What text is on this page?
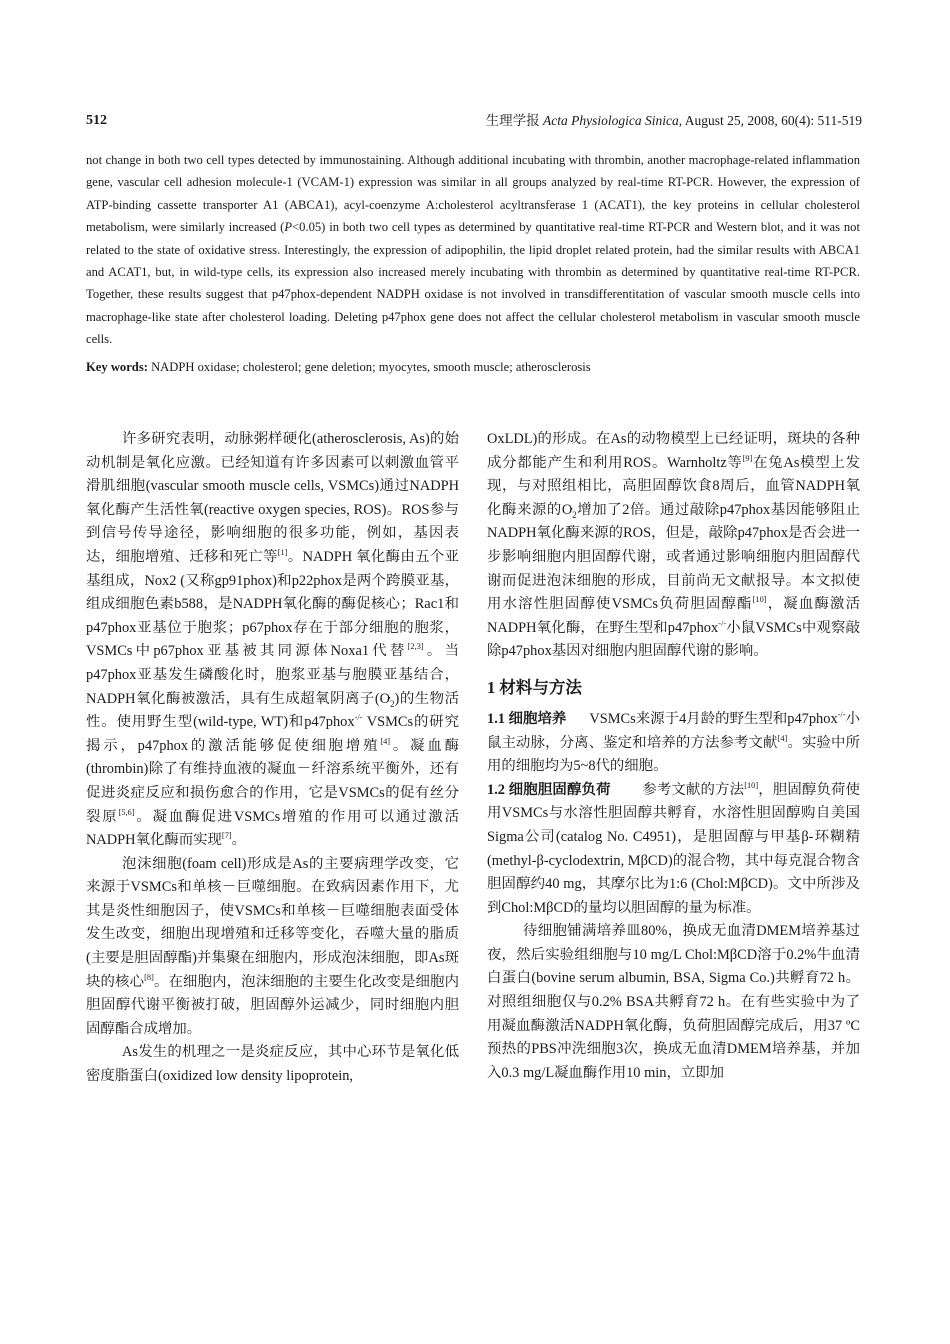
512	生理学报 Acta Physiologica Sinica, August 25, 2008, 60(4): 511-519

not change in both two cell types detected by immunostaining. Although additional incubating with thrombin, another macrophage-related inflammation gene, vascular cell adhesion molecule-1 (VCAM-1) expression was similar in all groups analyzed by real-time RT-PCR. However, the expression of ATP-binding cassette transporter A1 (ABCA1), acyl-coenzyme A:cholesterol acyltransferase 1 (ACAT1), the key proteins in cellular cholesterol metabolism, were similarly increased (P<0.05) in both two cell types as determined by quantitative real-time RT-PCR and Western blot, and it was not related to the state of oxidative stress. Interestingly, the expression of adipophilin, the lipid droplet related protein, had the similar results with ABCA1 and ACAT1, but, in wild-type cells, its expression also increased merely incubating with thrombin as determined by quantitative real-time RT-PCR. Together, these results suggest that p47phox-dependent NADPH oxidase is not involved in transdifferentitation of vascular smooth muscle cells into macrophage-like state after cholesterol loading. Deleting p47phox gene does not affect the cellular cholesterol metabolism in vascular smooth muscle cells.

Key words: NADPH oxidase; cholesterol; gene deletion; myocytes, smooth muscle; atherosclerosis

许多研究表明，动脉粥样硬化(atherosclerosis, As)的始动机制是氧化应激。已经知道有许多因素可以刺激血管平滑肌细胞(vascular smooth muscle cells, VSMCs)通过NADPH氧化酶产生活性氧(reactive oxygen species, ROS)。ROS参与到信号传导途径，影响细胞的很多功能，例如，基因表达，细胞增殖、迁移和死亡等[1]。NADPH 氧化酶由五个亚基组成，Nox2 (又称gp91phox)和p22phox是两个跨膜亚基，组成细胞色素b588，是NADPH氧化酶的酶促核心；Rac1和p47phox亚基位于胞浆；p67phox存在于部分细胞的胞浆，VSMCs中p67phox亚基被其同源体Noxa1代替[2,3]。当p47phox亚基发生磷酸化时，胞浆亚基与胞膜亚基结合，NADPH氧化酶被激活，具有生成超氧阴离子(O $•_2$)的生物活性。使用野生型(wild-type, WT)和p47phox-/- VSMCs的研究揭示，p47phox的激活能够促使细胞增殖[4]。凝血酶(thrombin)除了有维持血液的凝血－纤溶系统平衡外，还有促进炎症反应和损伤愈合的作用，它是VSMCs的促有丝分裂原[5,6]。凝血酶促进VSMCs增殖的作用可以通过激活NADPH氧化酶而实现[7]。

泡沫细胞(foam cell)形成是As的主要病理学改变，它来源于VSMCs和单核－巨噬细胞。在致病因素作用下，尤其是炎性细胞因子，使VSMCs和单核－巨噬细胞表面受体发生改变，细胞出现增殖和迁移等变化，吞噬大量的脂质(主要是胆固醇酯)并集聚在细胞内，形成泡沫细胞，即As斑块的核心[8]。在细胞内，泡沫细胞的主要生化改变是细胞内胆固醇代谢平衡被打破，胆固醇外运减少，同时细胞内胆固醇酯合成增加。

As发生的机理之一是炎症反应，其中心环节是氧化低密度脂蛋白(oxidized low density lipoprotein,

OxLDL)的形成。在As的动物模型上已经证明，斑块的各种成分都能产生和利用ROS。Warnholtz等[9]在兔As模型上发现，与对照组相比，高胆固醇饮食8周后，血管NADPH氧化酶来源的O $•_2$增加了2倍。通过敲除p47phox基因能够阻止NADPH氧化酶来源的ROS，但是，敲除p47phox是否会进一步影响细胞内胆固醇代谢，或者通过影响细胞内胆固醇代谢而促进泡沫细胞的形成，目前尚无文献报导。本文拟使用水溶性胆固醇使VSMCs负荷胆固醇酯[10]，凝血酶激活NADPH氧化酶，在野生型和p47phox-/-小鼠VSMCs中观察敲除p47phox基因对细胞内胆固醇代谢的影响。

1 材料与方法

1.1 细胞培养 VSMCs来源于4月龄的野生型和p47phox-/-小鼠主动脉，分离、鉴定和培养的方法参考文献[4]。实验中所用的细胞均为5~8代的细胞。

1.2 细胞胆固醇负荷 参考文献的方法[10]，胆固醇负荷使用VSMCs与水溶性胆固醇共孵育，水溶性胆固醇购自美国Sigma公司(catalog No. C4951)，是胆固醇与甲基β-环糊精(methyl-β-cyclodextrin, MβCD)的混合物，其中每克混合物含胆固醇约40 mg，其摩尔比为1:6 (Chol:MβCD)。文中所涉及到Chol:MβCD的量均以胆固醇的量为标准。

待细胞铺满培养皿80%，换成无血清DMEM培养基过夜，然后实验组细胞与10 mg/L Chol:MβCD溶于0.2%牛血清白蛋白(bovine serum albumin, BSA, Sigma Co.)共孵育72 h。对照组细胞仅与0.2% BSA共孵育72 h。在有些实验中为了用凝血酶激活NADPH氧化酶，负荷胆固醇完成后，用37 ºC预热的PBS冲洗细胞3次，换成无血清DMEM培养基，并加入0.3 mg/L凝血酶作用10 min，立即加
